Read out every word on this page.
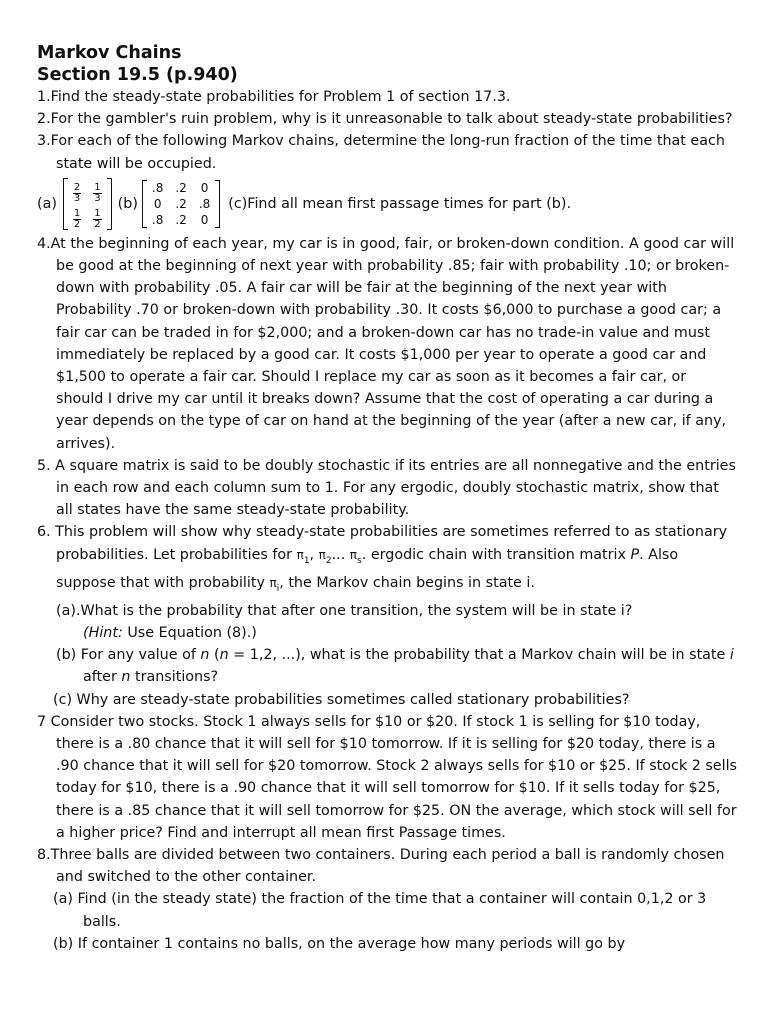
Markov Chains

Section 19.5 (p.940)

1.Find the steady-state probabilities for Problem 1 of section 17.3.

2.For the gambler's ruin problem, why is it unreasonable to talk about steady-state probabilities?

3.For each of the following Markov chains, determine the long-run fraction of the time that each state will be occupied.

$(a) \frac{2}{3}$	$\frac{1}{3}$

$\frac{1}{2}$	$\frac{1}{2}$
(b)
.8	.2	0
0	.2	.8
.8	.2	0
(c)Find all mean first passage times for part (b).

4.At the beginning of each year, my car is in good, fair, or broken-down condition. A good car will be good at the beginning of next year with probability .85; fair with probability .10; or broken-down with probability .05. A fair car will be fair at the beginning of the next year with Probability .70 or broken-down with probability .30. It costs $6,000 to purchase a good car; a fair car can be traded in for $2,000; and a broken-down car has no trade-in value and must immediately be replaced by a good car. It costs $1,000 per year to operate a good car and $1,500 to operate a fair car. Should I replace my car as soon as it becomes a fair car, or should I drive my car until it breaks down? Assume that the cost of operating a car during a year depends on the type of car on hand at the beginning of the year (after a new car, if any, arrives).

5. A square matrix is said to be doubly stochastic if its entries are all nonnegative and the entries in each row and each column sum to 1. For any ergodic, doubly stochastic matrix, show that all states have the same steady-state probability.

6. This problem will show why steady-state probabilities are sometimes referred to as stationary probabilities. Let probabilities for $\pi_1$, $\pi_2$... $\pi_s$. ergodic chain with transition matrix P. Also suppose that with probability $\pi_i$, the Markov chain begins in state i.

(a).What is the probability that after one transition, the system will be in state i?

(Hint: Use Equation (8).)

(b) For any value of n (n = 1,2, ...), what is the probability that a Markov chain will be in state i after n transitions?

(c) Why are steady-state probabilities sometimes called stationary probabilities?

7 Consider two stocks. Stock 1 always sells for $10 or $20. If stock 1 is selling for $10 today, there is a .80 chance that it will sell for $10 tomorrow. If it is selling for $20 today, there is a .90 chance that it will sell for $20 tomorrow. Stock 2 always sells for $10 or $25. If stock 2 sells today for $10, there is a .90 chance that it will sell tomorrow for $10. If it sells today for $25, there is a .85 chance that it will sell tomorrow for $25. ON the average, which stock will sell for a higher price? Find and interrupt all mean first Passage times.

8.Three balls are divided between two containers. During each period a ball is randomly chosen and switched to the other container.

(a) Find (in the steady state) the fraction of the time that a container will contain 0,1,2 or 3 balls.

(b) If container 1 contains no balls, on the average how many periods will go by
